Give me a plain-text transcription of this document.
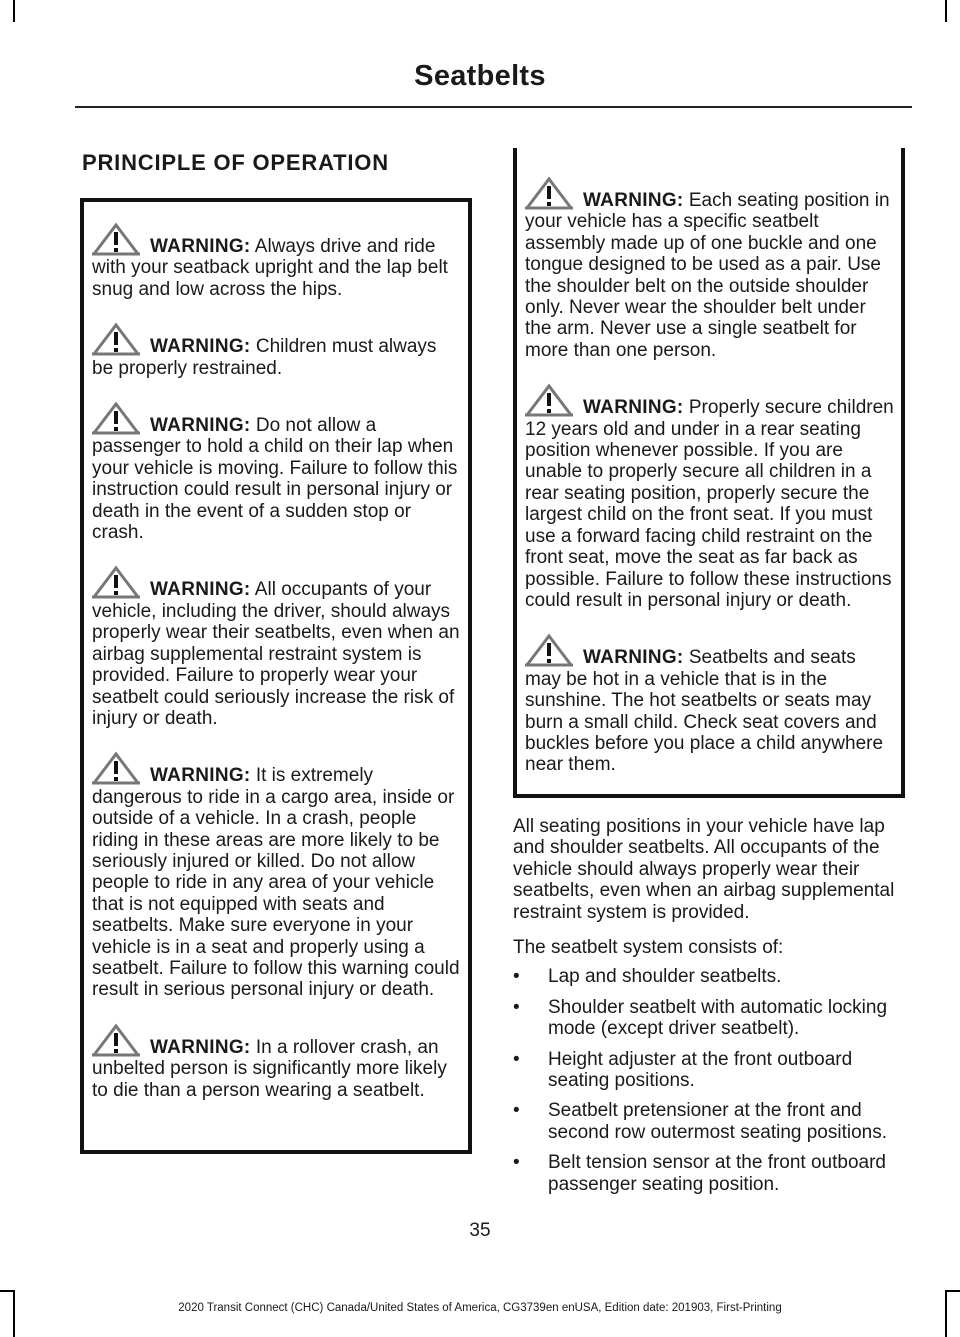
Seatbelts
PRINCIPLE OF OPERATION
WARNING: Always drive and ride with your seatback upright and the lap belt snug and low across the hips.
WARNING: Children must always be properly restrained.
WARNING: Do not allow a passenger to hold a child on their lap when your vehicle is moving. Failure to follow this instruction could result in personal injury or death in the event of a sudden stop or crash.
WARNING: All occupants of your vehicle, including the driver, should always properly wear their seatbelts, even when an airbag supplemental restraint system is provided. Failure to properly wear your seatbelt could seriously increase the risk of injury or death.
WARNING: It is extremely dangerous to ride in a cargo area, inside or outside of a vehicle. In a crash, people riding in these areas are more likely to be seriously injured or killed. Do not allow people to ride in any area of your vehicle that is not equipped with seats and seatbelts. Make sure everyone in your vehicle is in a seat and properly using a seatbelt. Failure to follow this warning could result in serious personal injury or death.
WARNING: In a rollover crash, an unbelted person is significantly more likely to die than a person wearing a seatbelt.
WARNING: Each seating position in your vehicle has a specific seatbelt assembly made up of one buckle and one tongue designed to be used as a pair. Use the shoulder belt on the outside shoulder only. Never wear the shoulder belt under the arm. Never use a single seatbelt for more than one person.
WARNING: Properly secure children 12 years old and under in a rear seating position whenever possible. If you are unable to properly secure all children in a rear seating position, properly secure the largest child on the front seat. If you must use a forward facing child restraint on the front seat, move the seat as far back as possible. Failure to follow these instructions could result in personal injury or death.
WARNING: Seatbelts and seats may be hot in a vehicle that is in the sunshine. The hot seatbelts or seats may burn a small child. Check seat covers and buckles before you place a child anywhere near them.

All seating positions in your vehicle have lap and shoulder seatbelts. All occupants of the vehicle should always properly wear their seatbelts, even when an airbag supplemental restraint system is provided.

The seatbelt system consists of:

• Lap and shoulder seatbelts.
• Shoulder seatbelt with automatic locking mode (except driver seatbelt).
• Height adjuster at the front outboard seating positions.
• Seatbelt pretensioner at the front and second row outermost seating positions.
• Belt tension sensor at the front outboard passenger seating position.
35
2020 Transit Connect (CHC) Canada/United States of America, CG3739en enUSA, Edition date: 201903, First-Printing
